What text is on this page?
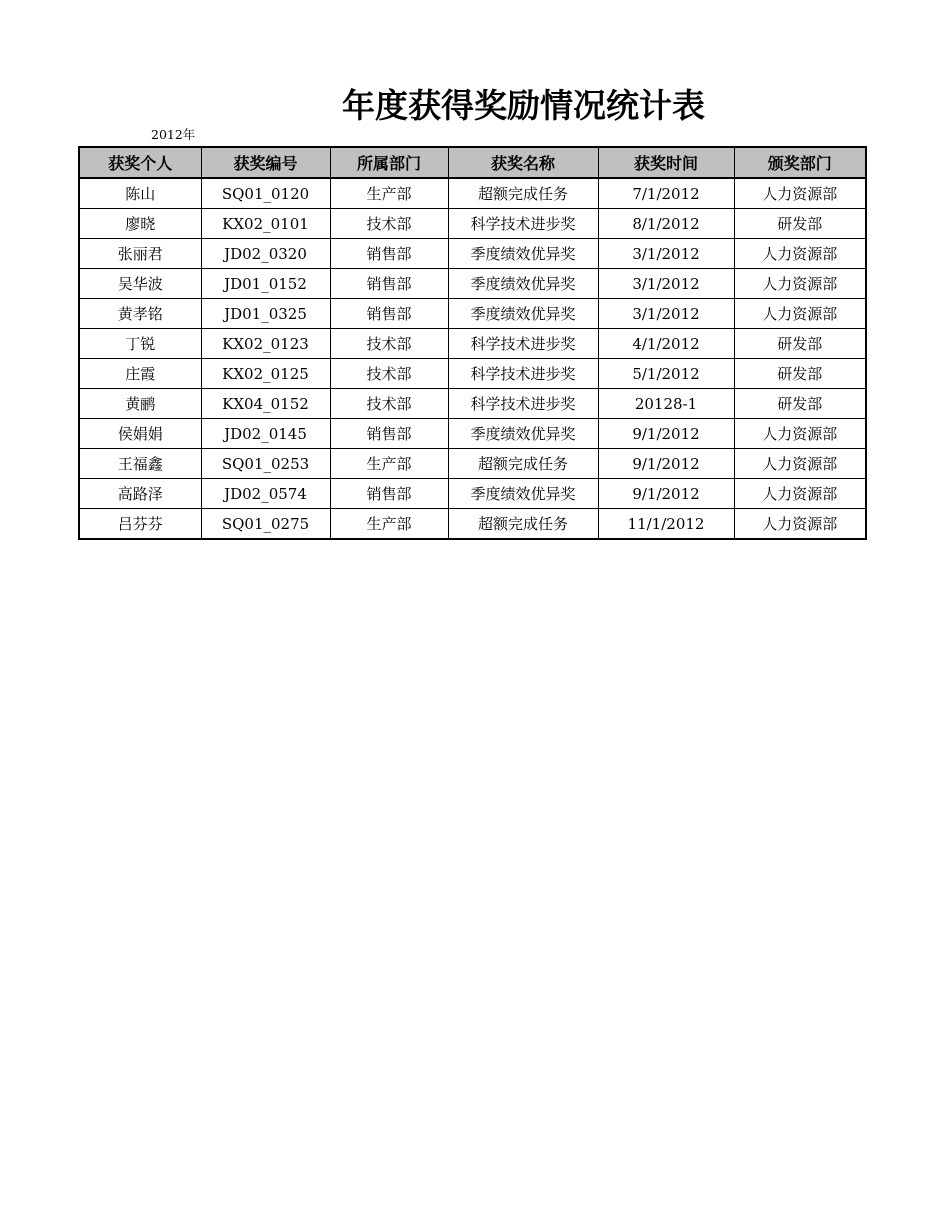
年度获得奖励情况统计表
2012年
获奖个人	获奖编号	所属部门	获奖名称	获奖时间	颁奖部门
陈山	SQ01_0120	生产部	超额完成任务	7/1/2012	人力资源部
廖晓	KX02_0101	技术部	科学技术进步奖	8/1/2012	研发部
张丽君	JD02_0320	销售部	季度绩效优异奖	3/1/2012	人力资源部
吴华波	JD01_0152	销售部	季度绩效优异奖	3/1/2012	人力资源部
黄孝铭	JD01_0325	销售部	季度绩效优异奖	3/1/2012	人力资源部
丁锐	KX02_0123	技术部	科学技术进步奖	4/1/2012	研发部
庄霞	KX02_0125	技术部	科学技术进步奖	5/1/2012	研发部
黄鹂	KX04_0152	技术部	科学技术进步奖	20128-1	研发部
侯娟娟	JD02_0145	销售部	季度绩效优异奖	9/1/2012	人力资源部
王福鑫	SQ01_0253	生产部	超额完成任务	9/1/2012	人力资源部
高路泽	JD02_0574	销售部	季度绩效优异奖	9/1/2012	人力资源部
吕芬芬	SQ01_0275	生产部	超额完成任务	11/1/2012	人力资源部
